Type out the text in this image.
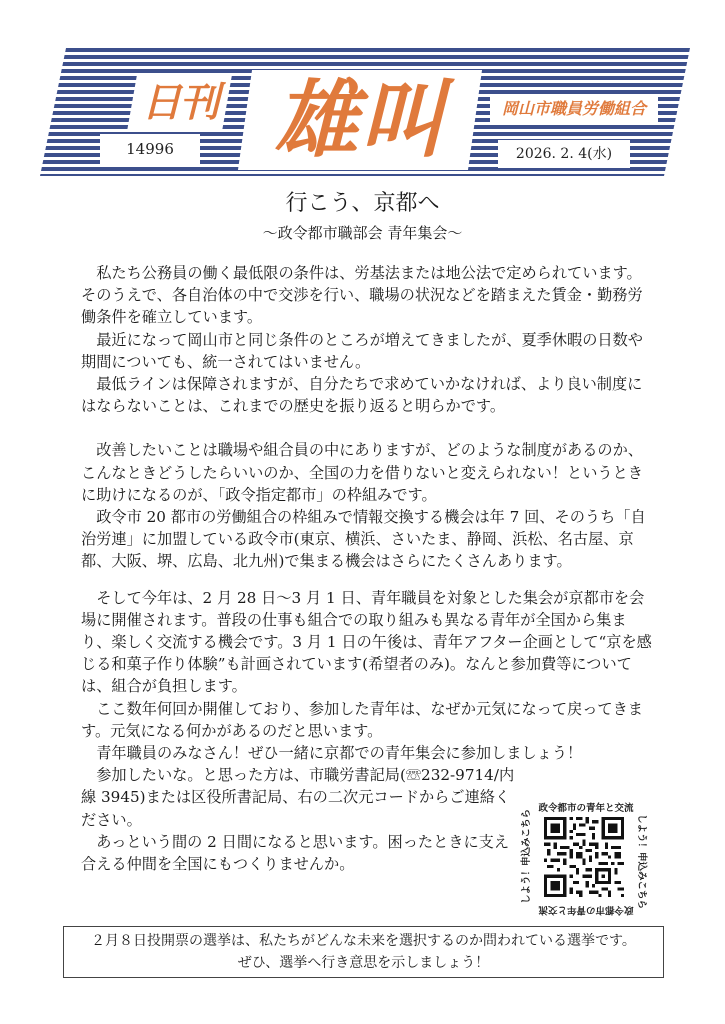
日刊 雄叫	岡山市職員労働組合
14996	2026. 2. 4(水)
行こう、京都へ
～政令都市職部会 青年集会～

私たち公務員の働く最低限の条件は、労基法または地公法で定められています。そのうえで、各自治体の中で交渉を行い、職場の状況などを踏まえた賃金・勤務労働条件を確立しています。

最近になって岡山市と同じ条件のところが増えてきましたが、夏季休暇の日数や期間についても、統一されてはいません。

最低ラインは保障されますが、自分たちで求めていかなければ、より良い制度にはならないことは、これまでの歴史を振り返ると明らかです。

改善したいことは職場や組合員の中にありますが、どのような制度があるのか、こんなときどうしたらいいのか、全国の力を借りないと変えられない！というときに助けになるのが、「政令指定都市」の枠組みです。

政令市 20 都市の労働組合の枠組みで情報交換する機会は年 7 回、そのうち「自治労連」に加盟している政令市(東京、横浜、さいたま、静岡、浜松、名古屋、京都、大阪、堺、広島、北九州)で集まる機会はさらにたくさんあります。

そして今年は、2 月 28 日～3 月 1 日、青年職員を対象とした集会が京都市を会場に開催されます。普段の仕事も組合での取り組みも異なる青年が全国から集まり、楽しく交流する機会です。3 月 1 日の午後は、青年アフター企画として“京を感じる和菓子作り体験”も計画されています(希望者のみ)。なんと参加費等については、組合が負担します。

ここ数年何回か開催しており、参加した青年は、なぜか元気になって戻ってきます。元気になる何かがあるのだと思います。

青年職員のみなさん！ぜひ一緒に京都での青年集会に参加しましょう！

参加したいな。と思った方は、市職労書記局(☏232-9714/内線 3945)または区役所書記局、右の二次元コードからご連絡ください。

あっという間の 2 日間になると思います。困ったときに支え合える仲間を全国にもつくりませんか。

政令都市の青年と交流
しよう！申込みこちら
政令都市の青年と交流
しよう！申込みこちら
２月８日投開票の選挙は、私たちがどんな未来を選択するのか問われている選挙です。
ぜひ、選挙へ行き意思を示しましょう！
